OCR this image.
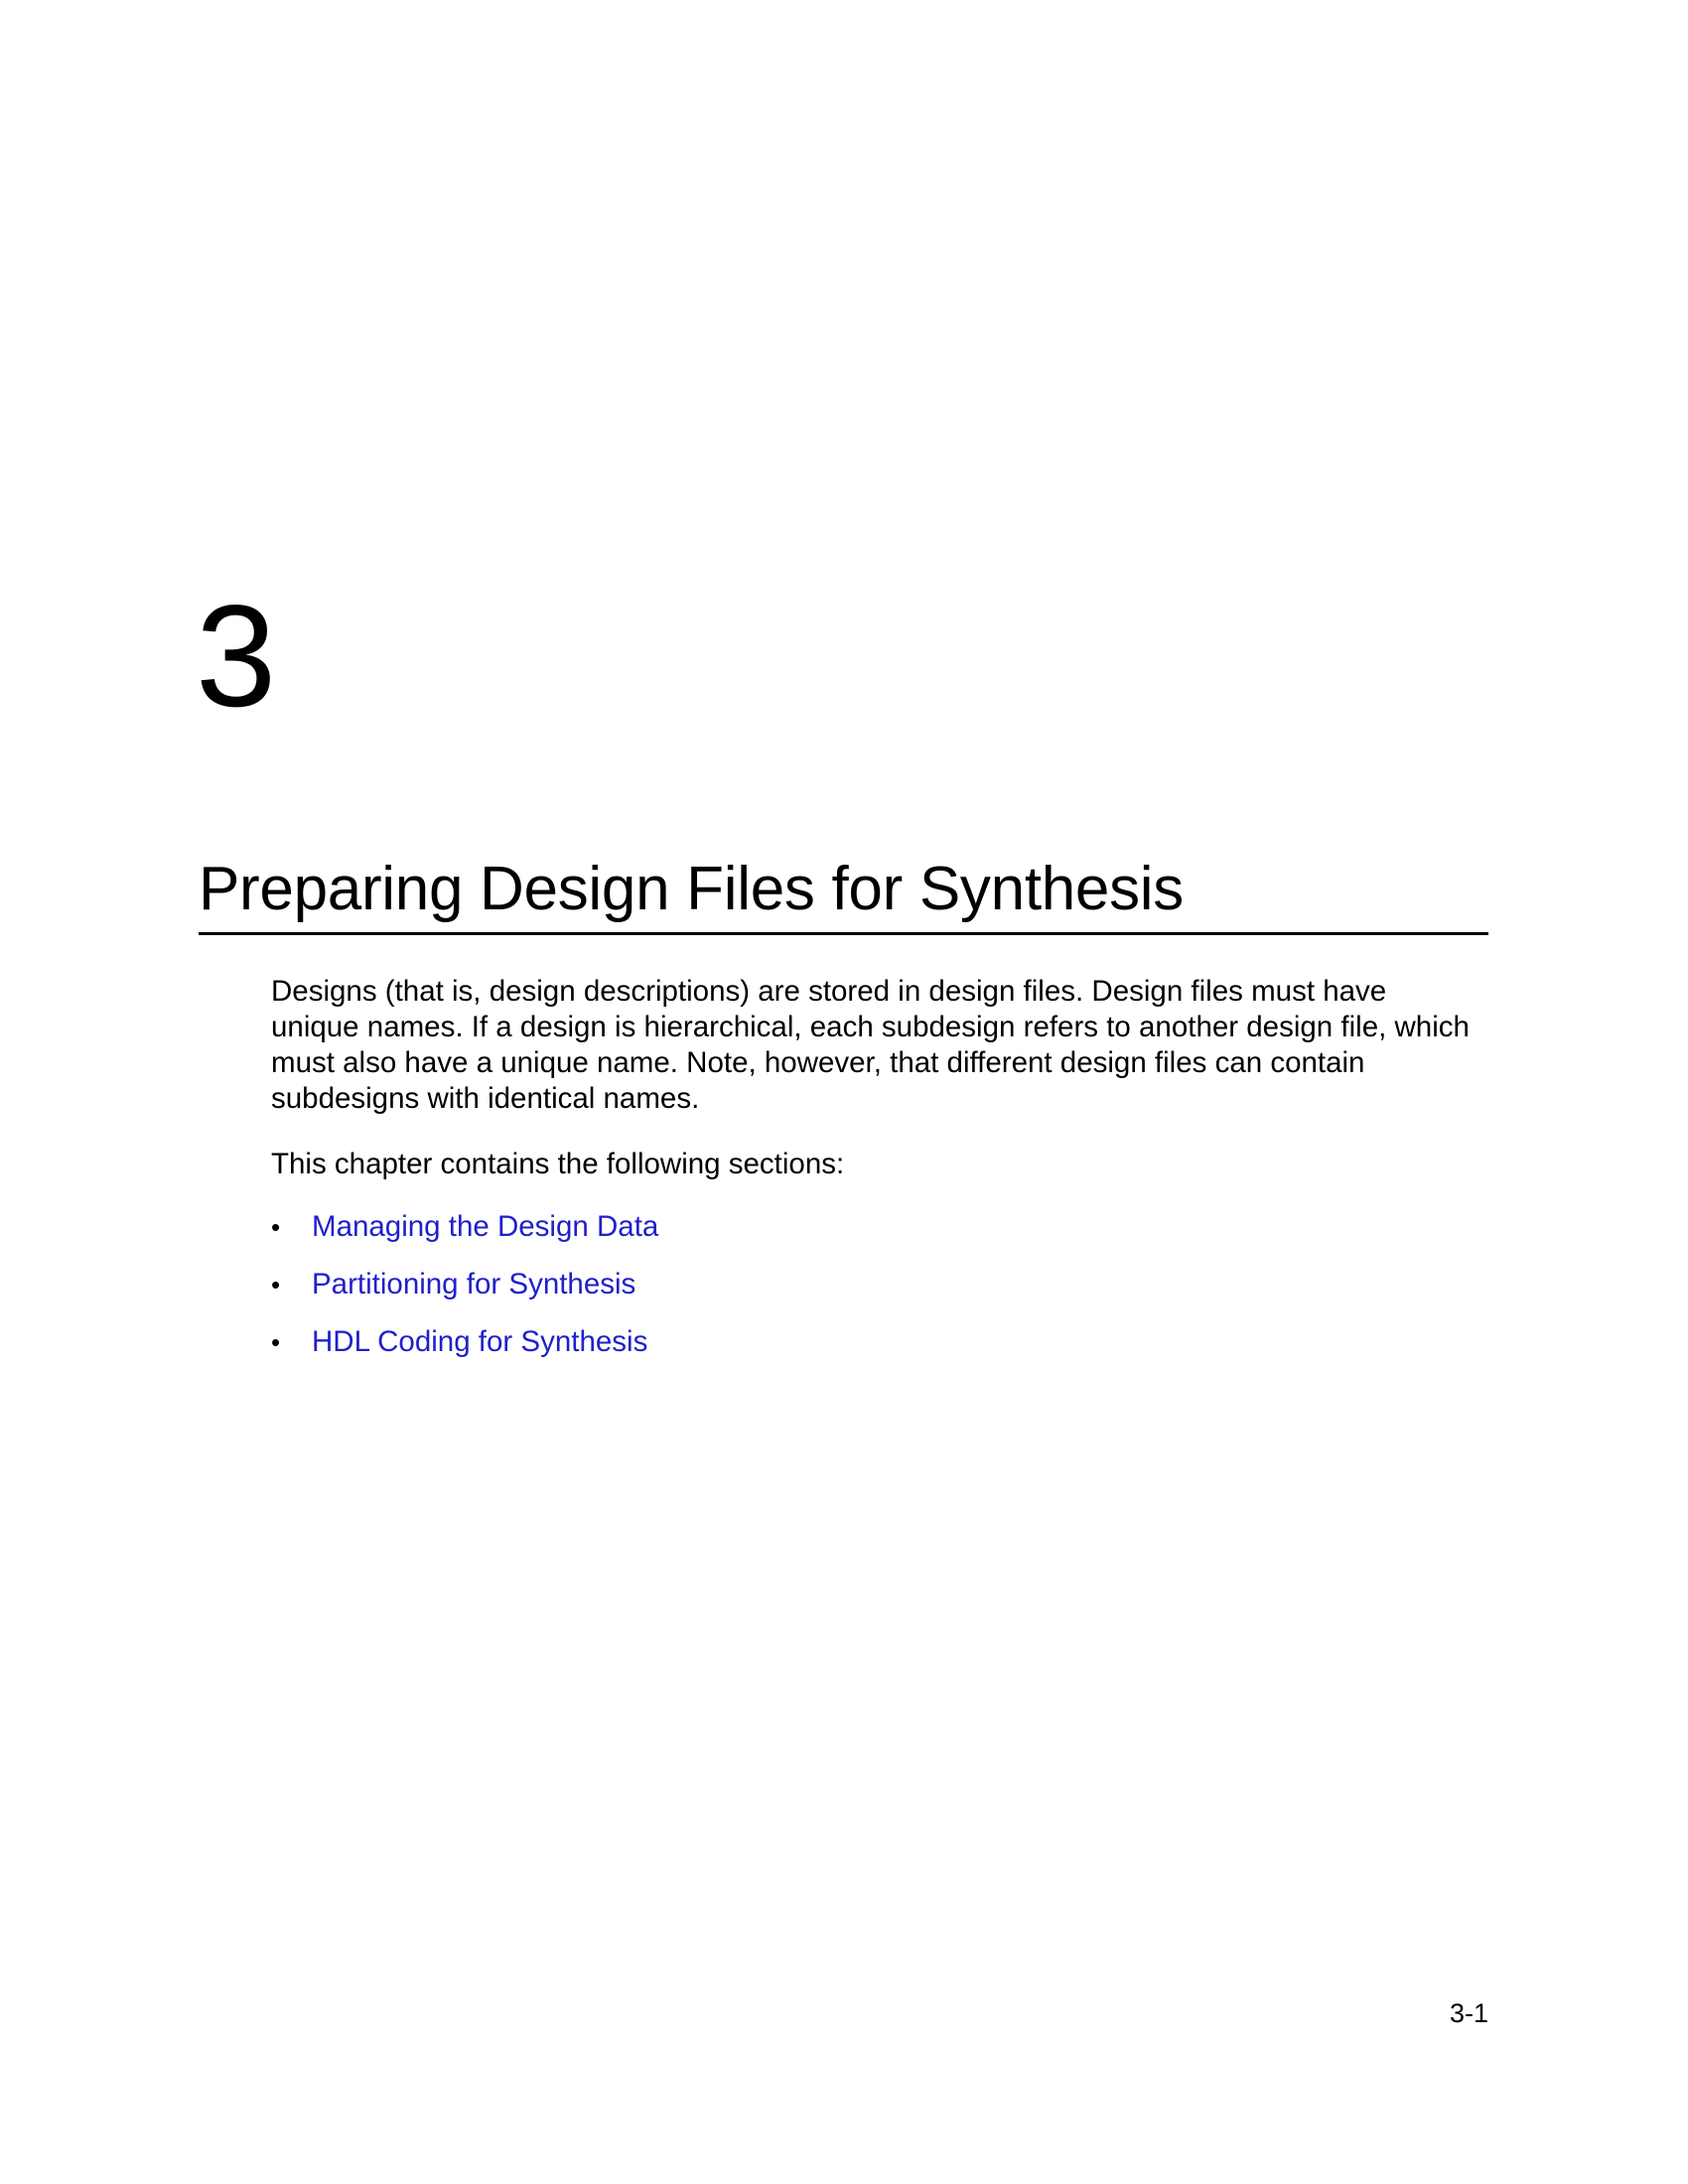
3
Preparing Design Files for Synthesis

Designs (that is, design descriptions) are stored in design files. Design files must have
unique names. If a design is hierarchical, each subdesign refers to another design file, which
must also have a unique name. Note, however, that different design files can contain
subdesigns with identical names.

This chapter contains the following sections:

• Managing the Design Data
• Partitioning for Synthesis
• HDL Coding for Synthesis
3-1
